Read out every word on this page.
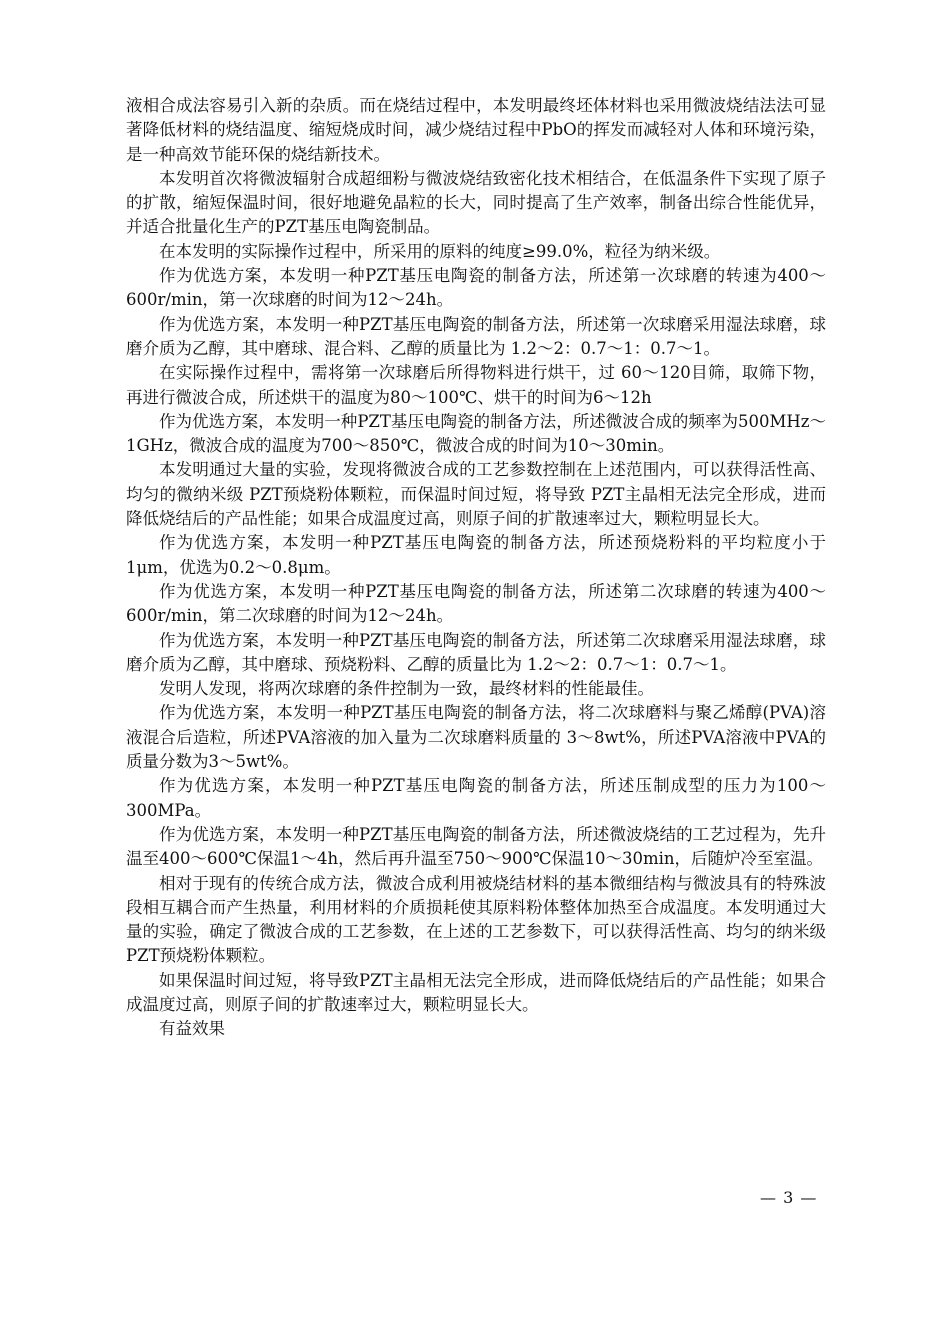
液相合成法容易引入新的杂质。而在烧结过程中，本发明最终坯体材料也采用微波烧结法法可显著降低材料的烧结温度、缩短烧成时间，减少烧结过程中PbO的挥发而减轻对人体和环境污染，是一种高效节能环保的烧结新技术。

本发明首次将微波辐射合成超细粉与微波烧结致密化技术相结合，在低温条件下实现了原子的扩散，缩短保温时间，很好地避免晶粒的长大，同时提高了生产效率，制备出综合性能优异，并适合批量化生产的PZT基压电陶瓷制品。

在本发明的实际操作过程中，所采用的原料的纯度≥99.0%，粒径为纳米级。

作为优选方案，本发明一种PZT基压电陶瓷的制备方法，所述第一次球磨的转速为400～600r/min，第一次球磨的时间为12～24h。

作为优选方案，本发明一种PZT基压电陶瓷的制备方法，所述第一次球磨采用湿法球磨，球磨介质为乙醇，其中磨球、混合料、乙醇的质量比为 1.2～2：0.7～1：0.7～1。

在实际操作过程中，需将第一次球磨后所得物料进行烘干，过 60～120目筛，取筛下物，再进行微波合成，所述烘干的温度为80～100℃、烘干的时间为6～12h

作为优选方案，本发明一种PZT基压电陶瓷的制备方法，所述微波合成的频率为500MHz～1GHz，微波合成的温度为700～850℃，微波合成的时间为10～30min。

本发明通过大量的实验，发现将微波合成的工艺参数控制在上述范围内，可以获得活性高、均匀的微纳米级 PZT预烧粉体颗粒，而保温时间过短，将导致 PZT主晶相无法完全形成，进而降低烧结后的产品性能；如果合成温度过高，则原子间的扩散速率过大，颗粒明显长大。

作为优选方案，本发明一种PZT基压电陶瓷的制备方法，所述预烧粉料的平均粒度小于1μm，优选为0.2～0.8μm。

作为优选方案，本发明一种PZT基压电陶瓷的制备方法，所述第二次球磨的转速为400～600r/min，第二次球磨的时间为12～24h。

作为优选方案，本发明一种PZT基压电陶瓷的制备方法，所述第二次球磨采用湿法球磨，球磨介质为乙醇，其中磨球、预烧粉料、乙醇的质量比为 1.2～2：0.7～1：0.7～1。

发明人发现，将两次球磨的条件控制为一致，最终材料的性能最佳。

作为优选方案，本发明一种PZT基压电陶瓷的制备方法，将二次球磨料与聚乙烯醇(PVA)溶液混合后造粒，所述PVA溶液的加入量为二次球磨料质量的 3～8wt%，所述PVA溶液中PVA的质量分数为3～5wt%。

作为优选方案，本发明一种PZT基压电陶瓷的制备方法，所述压制成型的压力为100～300MPa。

作为优选方案，本发明一种PZT基压电陶瓷的制备方法，所述微波烧结的工艺过程为，先升温至400～600℃保温1～4h，然后再升温至750～900℃保温10～30min，后随炉冷至室温。

相对于现有的传统合成方法，微波合成利用被烧结材料的基本微细结构与微波具有的特殊波段相互耦合而产生热量，利用材料的介质损耗使其原料粉体整体加热至合成温度。本发明通过大量的实验，确定了微波合成的工艺参数，在上述的工艺参数下，可以获得活性高、均匀的纳米级PZT预烧粉体颗粒。

如果保温时间过短，将导致PZT主晶相无法完全形成，进而降低烧结后的产品性能；如果合成温度过高，则原子间的扩散速率过大，颗粒明显长大。

有益效果

— 3 —
